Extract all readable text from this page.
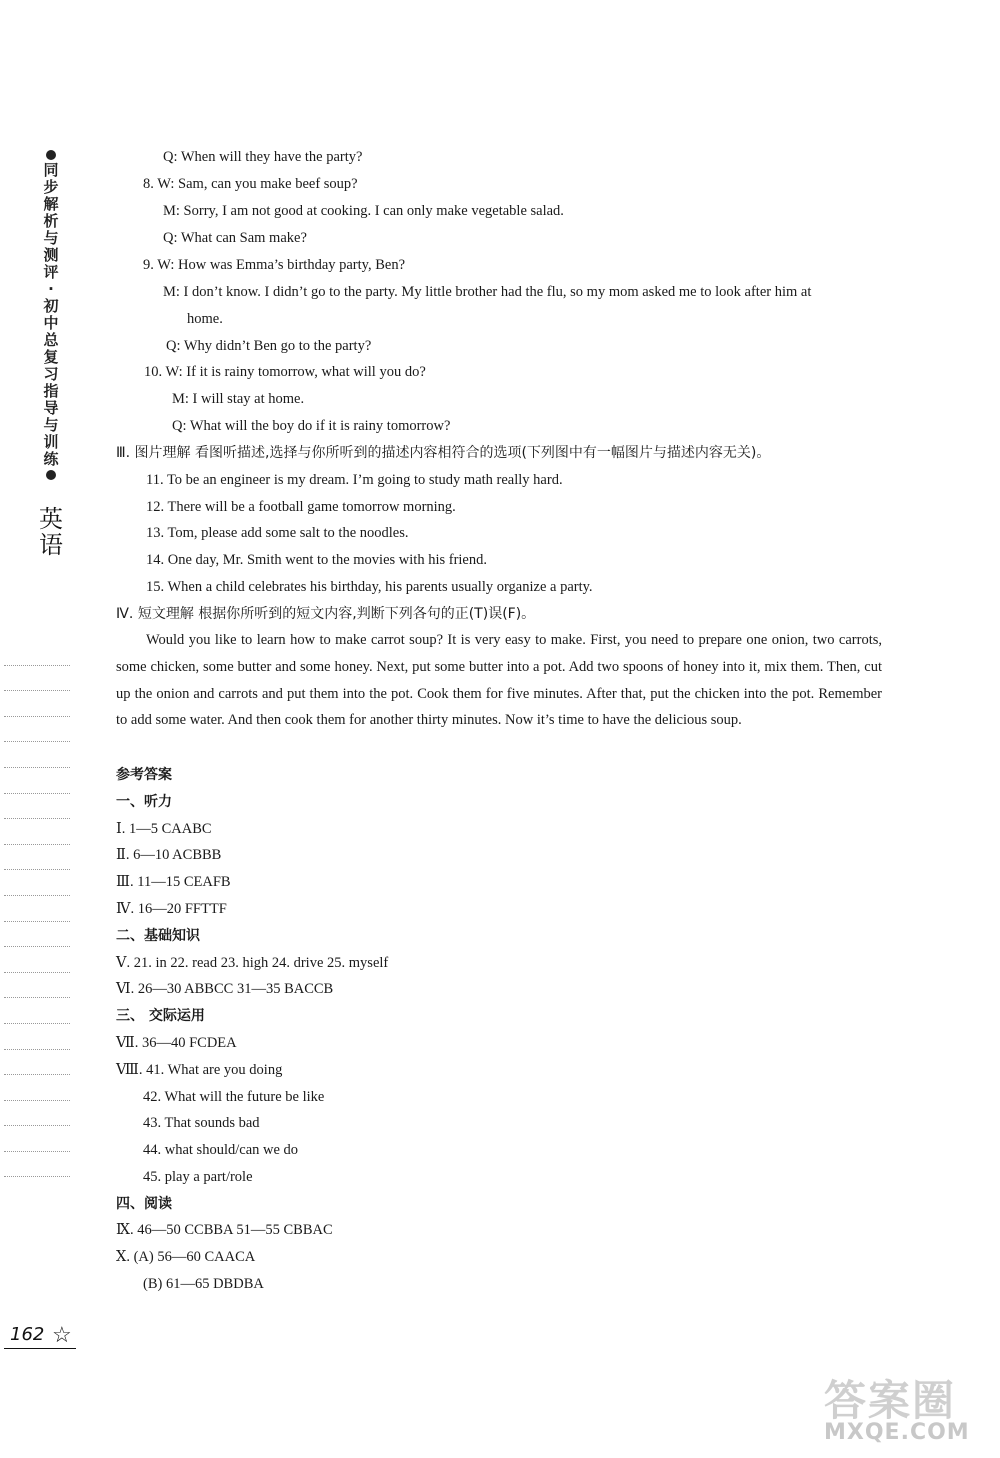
同
步
解
析
与
测
评
·
初
中
总
复
习
指
导
与
训
练
英
语
Q: When will they have the party?
8. W: Sam, can you make beef soup?
M: Sorry, I am not good at cooking. I can only make vegetable salad.
Q: What can Sam make?
9. W: How was Emma’s birthday party, Ben?
M: I don’t know. I didn’t go to the party. My little brother had the flu, so my mom asked me to look after him at
home.
Q: Why didn’t Ben go to the party?
10. W: If it is rainy tomorrow, what will you do?
M: I will stay at home.
Q: What will the boy do if it is rainy tomorrow?
Ⅲ. 图片理解 看图听描述,选择与你所听到的描述内容相符合的选项(下列图中有一幅图片与描述内容无关)。
11. To be an engineer is my dream. I’m going to study math really hard.
12. There will be a football game tomorrow morning.
13. Tom, please add some salt to the noodles.
14. One day, Mr. Smith went to the movies with his friend.
15. When a child celebrates his birthday, his parents usually organize a party.
Ⅳ. 短文理解 根据你所听到的短文内容,判断下列各句的正(T)误(F)。
Would you like to learn how to make carrot soup? It is very easy to make. First, you need to prepare one onion, two carrots, some chicken, some butter and some honey. Next, put some butter into a pot. Add two spoons of honey into it, mix them. Then, cut up the onion and carrots and put them into the pot. Cook them for five minutes. After that, put the chicken into the pot. Remember to add some water. And then cook them for another thirty minutes. Now it’s time to have the delicious soup.
参考答案
一、听力
Ⅰ. 1—5 CAABC
Ⅱ. 6—10 ACBBB
Ⅲ. 11—15 CEAFB
Ⅳ. 16—20 FFTTF
二、基础知识
Ⅴ. 21. in 22. read 23. high 24. drive 25. myself
Ⅵ. 26—30 ABBCC 31—35 BACCB
三、 交际运用
Ⅶ. 36—40 FCDEA
Ⅷ. 41. What are you doing
42. What will the future be like
43. That sounds bad
44. what should/can we do
45. play a part/role
四、阅读
Ⅸ. 46—50 CCBBA 51—55 CBBAC
Ⅹ. (A) 56—60 CAACA
(B) 61—65 DBDBA
162 ☆
答案圈
MXQE.COM
